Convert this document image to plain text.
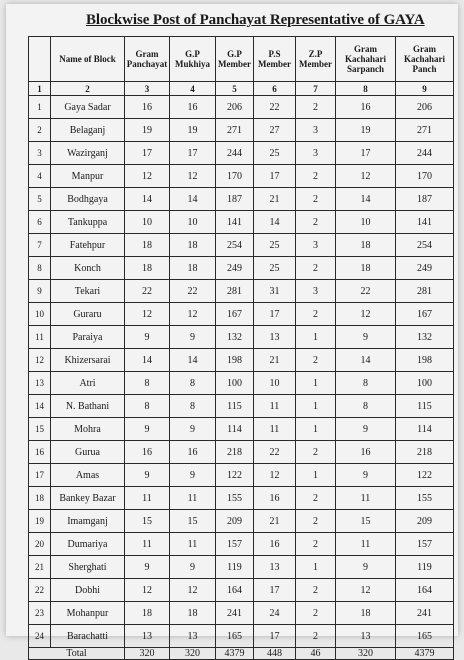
Blockwise Post of Panchayat Representative of GAYA
	Name of Block	Gram Panchayat	G.P Mukhiya	G.P Member	P.S Member	Z.P Member	Gram Kachahari Sarpanch	Gram Kachahari Panch
1	2	3	4	5	6	7	8	9
1	Gaya Sadar	16	16	206	22	2	16	206
2	Belaganj	19	19	271	27	3	19	271
3	Wazirganj	17	17	244	25	3	17	244
4	Manpur	12	12	170	17	2	12	170
5	Bodhgaya	14	14	187	21	2	14	187
6	Tankuppa	10	10	141	14	2	10	141
7	Fatehpur	18	18	254	25	3	18	254
8	Konch	18	18	249	25	2	18	249
9	Tekari	22	22	281	31	3	22	281
10	Guraru	12	12	167	17	2	12	167
11	Paraiya	9	9	132	13	1	9	132
12	Khizersarai	14	14	198	21	2	14	198
13	Atri	8	8	100	10	1	8	100
14	N. Bathani	8	8	115	11	1	8	115
15	Mohra	9	9	114	11	1	9	114
16	Gurua	16	16	218	22	2	16	218
17	Amas	9	9	122	12	1	9	122
18	Bankey Bazar	11	11	155	16	2	11	155
19	Imamganj	15	15	209	21	2	15	209
20	Dumariya	11	11	157	16	2	11	157
21	Sherghati	9	9	119	13	1	9	119
22	Dobhi	12	12	164	17	2	12	164
23	Mohanpur	18	18	241	24	2	18	241
24	Barachatti	13	13	165	17	2	13	165
Total		320	320	4379	448	46	320	4379
